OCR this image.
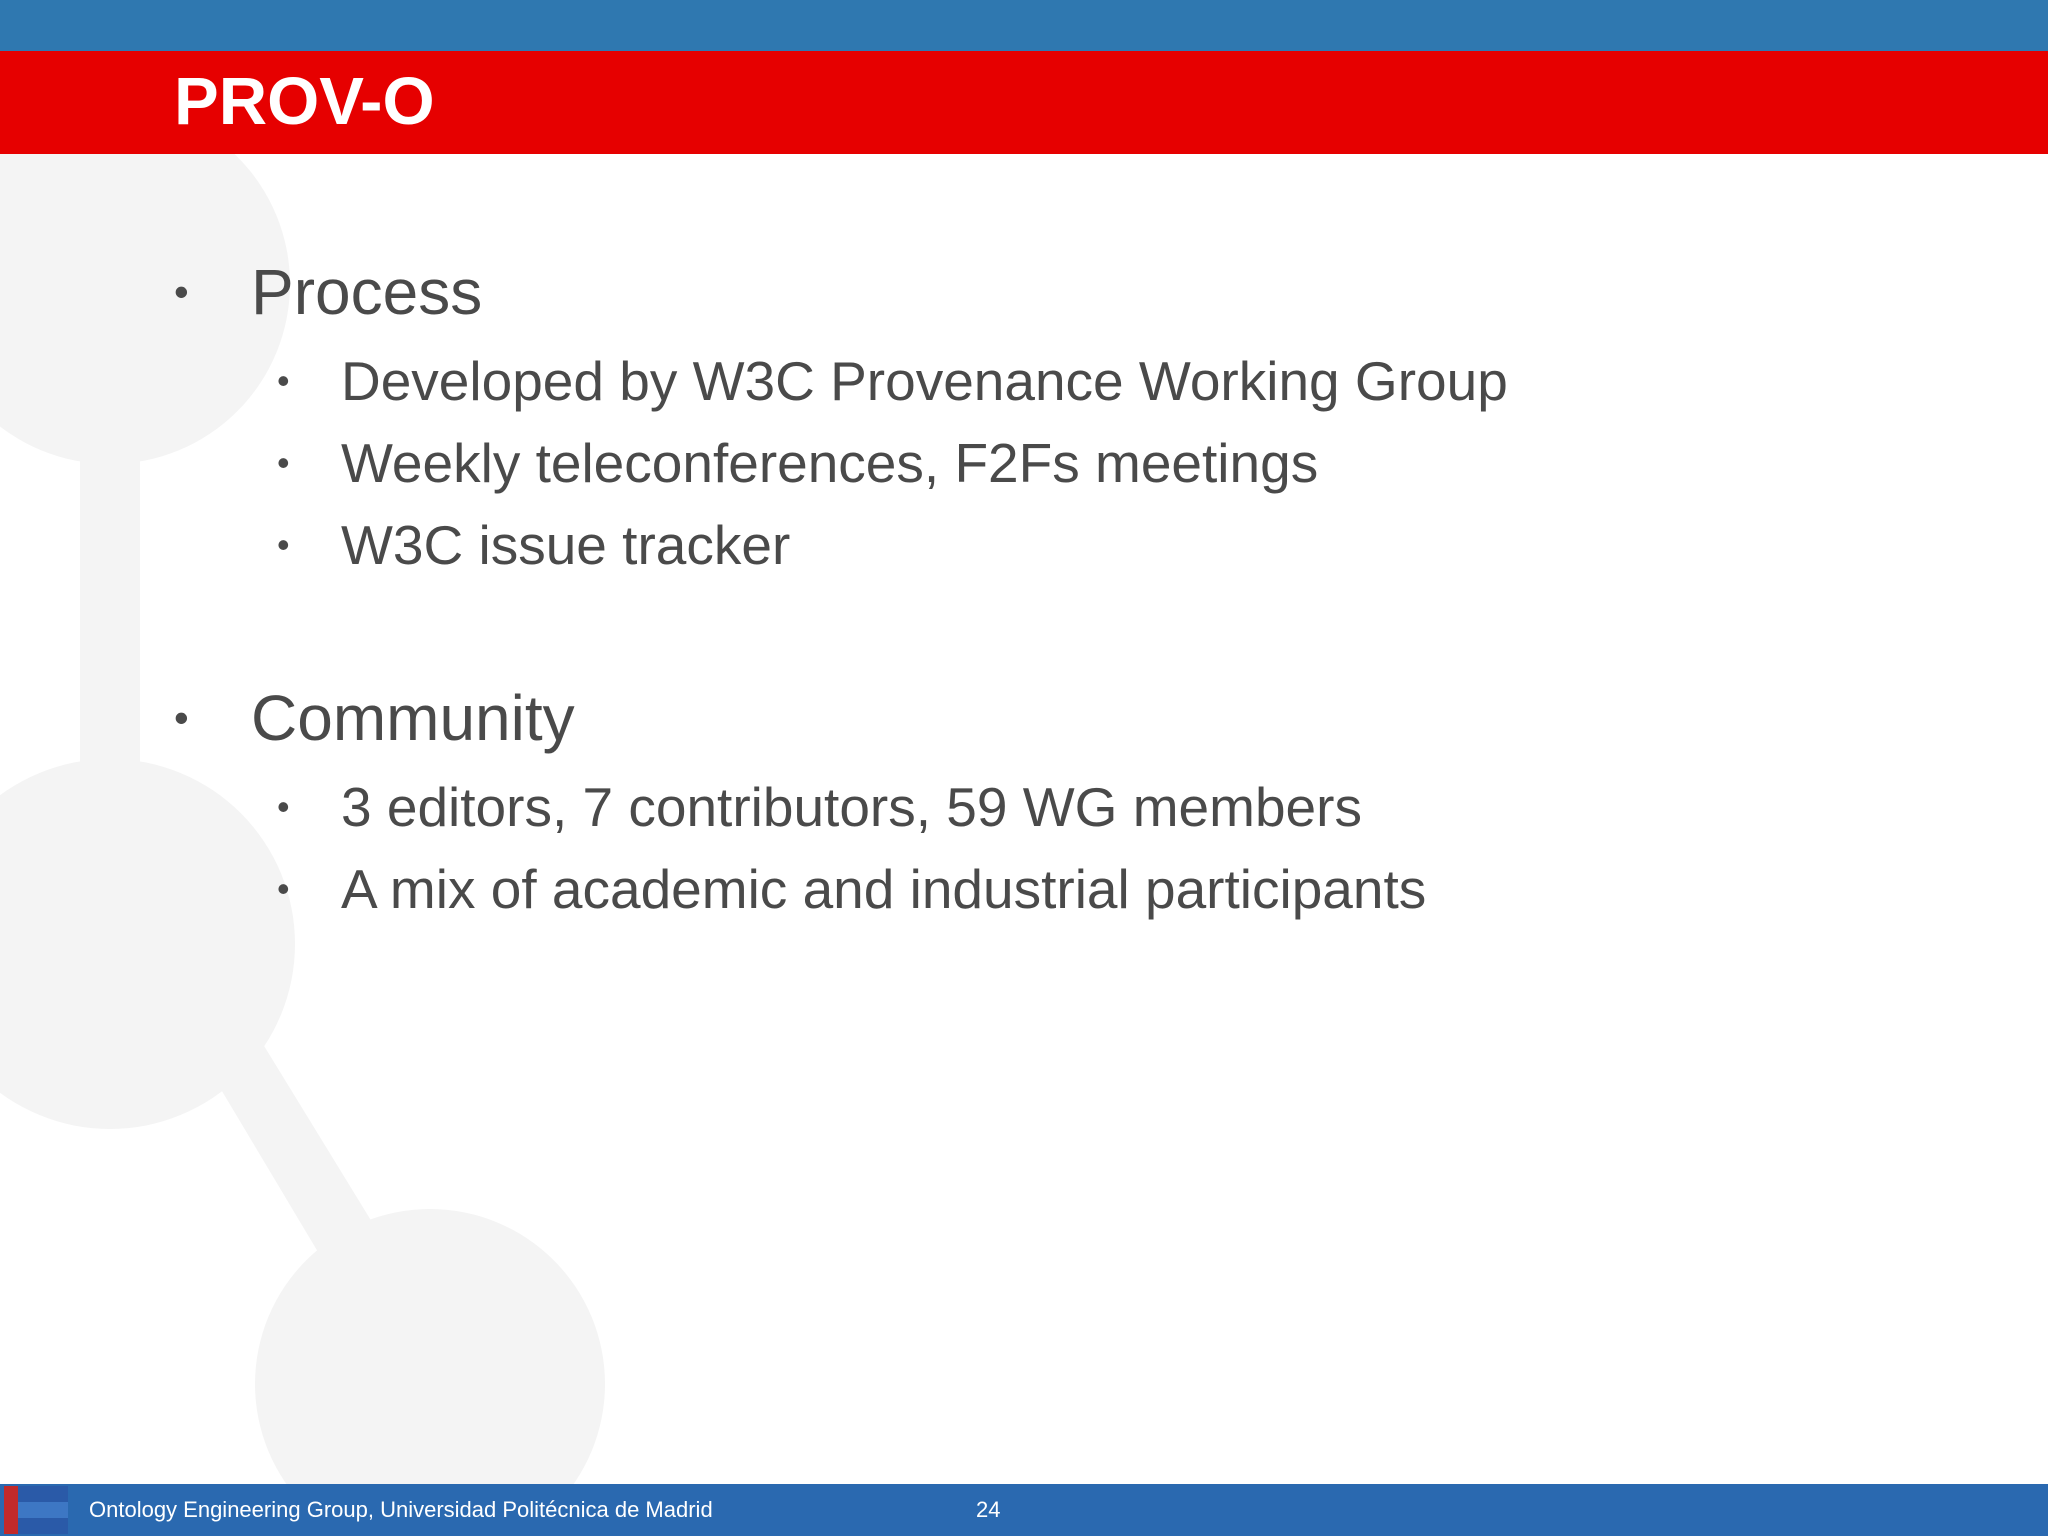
PROV-O
• Process
• Developed by W3C Provenance Working Group
• Weekly teleconferences, F2Fs meetings
• W3C issue tracker
• Community
• 3 editors, 7 contributors, 59 WG members
• A mix of academic and industrial participants
Ontology Engineering Group, Universidad Politécnica de Madrid	24
